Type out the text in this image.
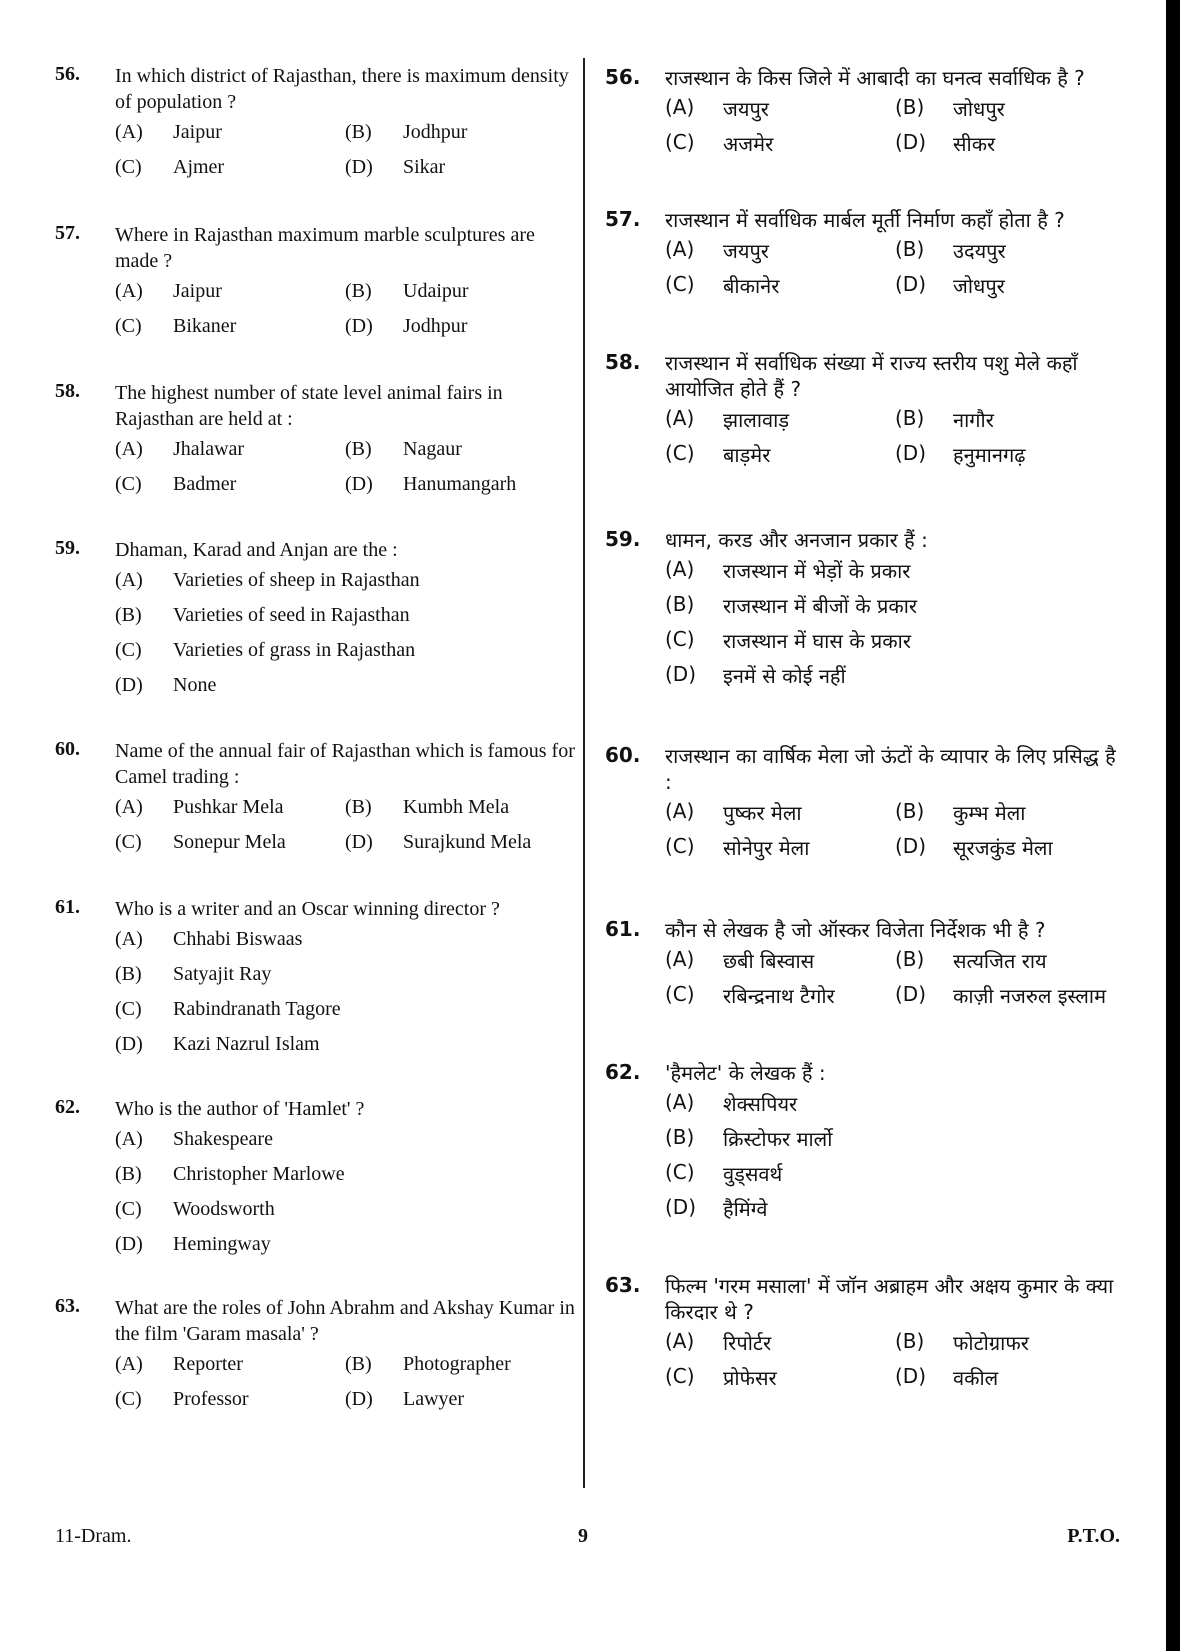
56.	In which district of Rajasthan, there is maximum density of population ?
(A)	Jaipur	(B)	Jodhpur
(C)	Ajmer	(D)	Sikar
57.	Where in Rajasthan maximum marble sculptures are made ?
(A)	Jaipur	(B)	Udaipur
(C)	Bikaner	(D)	Jodhpur
58.	The highest number of state level animal fairs in Rajasthan are held at :
(A)	Jhalawar	(B)	Nagaur
(C)	Badmer	(D)	Hanumangarh
59.	Dhaman, Karad and Anjan are the :
(A)	Varieties of sheep in Rajasthan
(B)	Varieties of seed in Rajasthan
(C)	Varieties of grass in Rajasthan
(D)	None
60.	Name of the annual fair of Rajasthan which is famous for Camel trading :
(A)	Pushkar Mela	(B)	Kumbh Mela
(C)	Sonepur Mela	(D)	Surajkund Mela
61.	Who is a writer and an Oscar winning director ?
(A)	Chhabi Biswaas
(B)	Satyajit Ray
(C)	Rabindranath Tagore
(D)	Kazi Nazrul Islam
62.	Who is the author of 'Hamlet' ?
(A)	Shakespeare
(B)	Christopher Marlowe
(C)	Woodsworth
(D)	Hemingway
63.	What are the roles of John Abrahm and Akshay Kumar in the film 'Garam masala' ?
(A)	Reporter	(B)	Photographer
(C)	Professor	(D)	Lawyer
56.	राजस्थान के किस जिले में आबादी का घनत्व सर्वाधिक है ?
(A)	जयपुर	(B)	जोधपुर
(C)	अजमेर	(D)	सीकर
57.	राजस्थान में सर्वाधिक मार्बल मूर्ती निर्माण कहाँ होता है ?
(A)	जयपुर	(B)	उदयपुर
(C)	बीकानेर	(D)	जोधपुर
58.	राजस्थान में सर्वाधिक संख्या में राज्य स्तरीय पशु मेले कहाँ आयोजित होते हैं ?
(A)	झालावाड़	(B)	नागौर
(C)	बाड़मेर	(D)	हनुमानगढ़
59.	धामन, करड और अनजान प्रकार हैं :
(A)	राजस्थान में भेड़ों के प्रकार
(B)	राजस्थान में बीजों के प्रकार
(C)	राजस्थान में घास के प्रकार
(D)	इनमें से कोई नहीं
60.	राजस्थान का वार्षिक मेला जो ऊंटों के व्यापार के लिए प्रसिद्ध है :
(A)	पुष्कर मेला	(B)	कुम्भ मेला
(C)	सोनेपुर मेला	(D)	सूरजकुंड मेला
61.	कौन से लेखक है जो ऑस्कर विजेता निर्देशक भी है ?
(A)	छबी बिस्वास	(B)	सत्यजित राय
(C)	रबिन्द्रनाथ टैगोर	(D)	काज़ी नजरुल इस्लाम
62.	'हैमलेट' के लेखक हैं :
(A)	शेक्सपियर
(B)	क्रिस्टोफर मार्लो
(C)	वुड्सवर्थ
(D)	हैमिंग्वे
63.	फिल्म 'गरम मसाला' में जॉन अब्राहम और अक्षय कुमार के क्या किरदार थे ?
(A)	रिपोर्टर	(B)	फोटोग्राफर
(C)	प्रोफेसर	(D)	वकील
11-Dram.	9	P.T.O.
